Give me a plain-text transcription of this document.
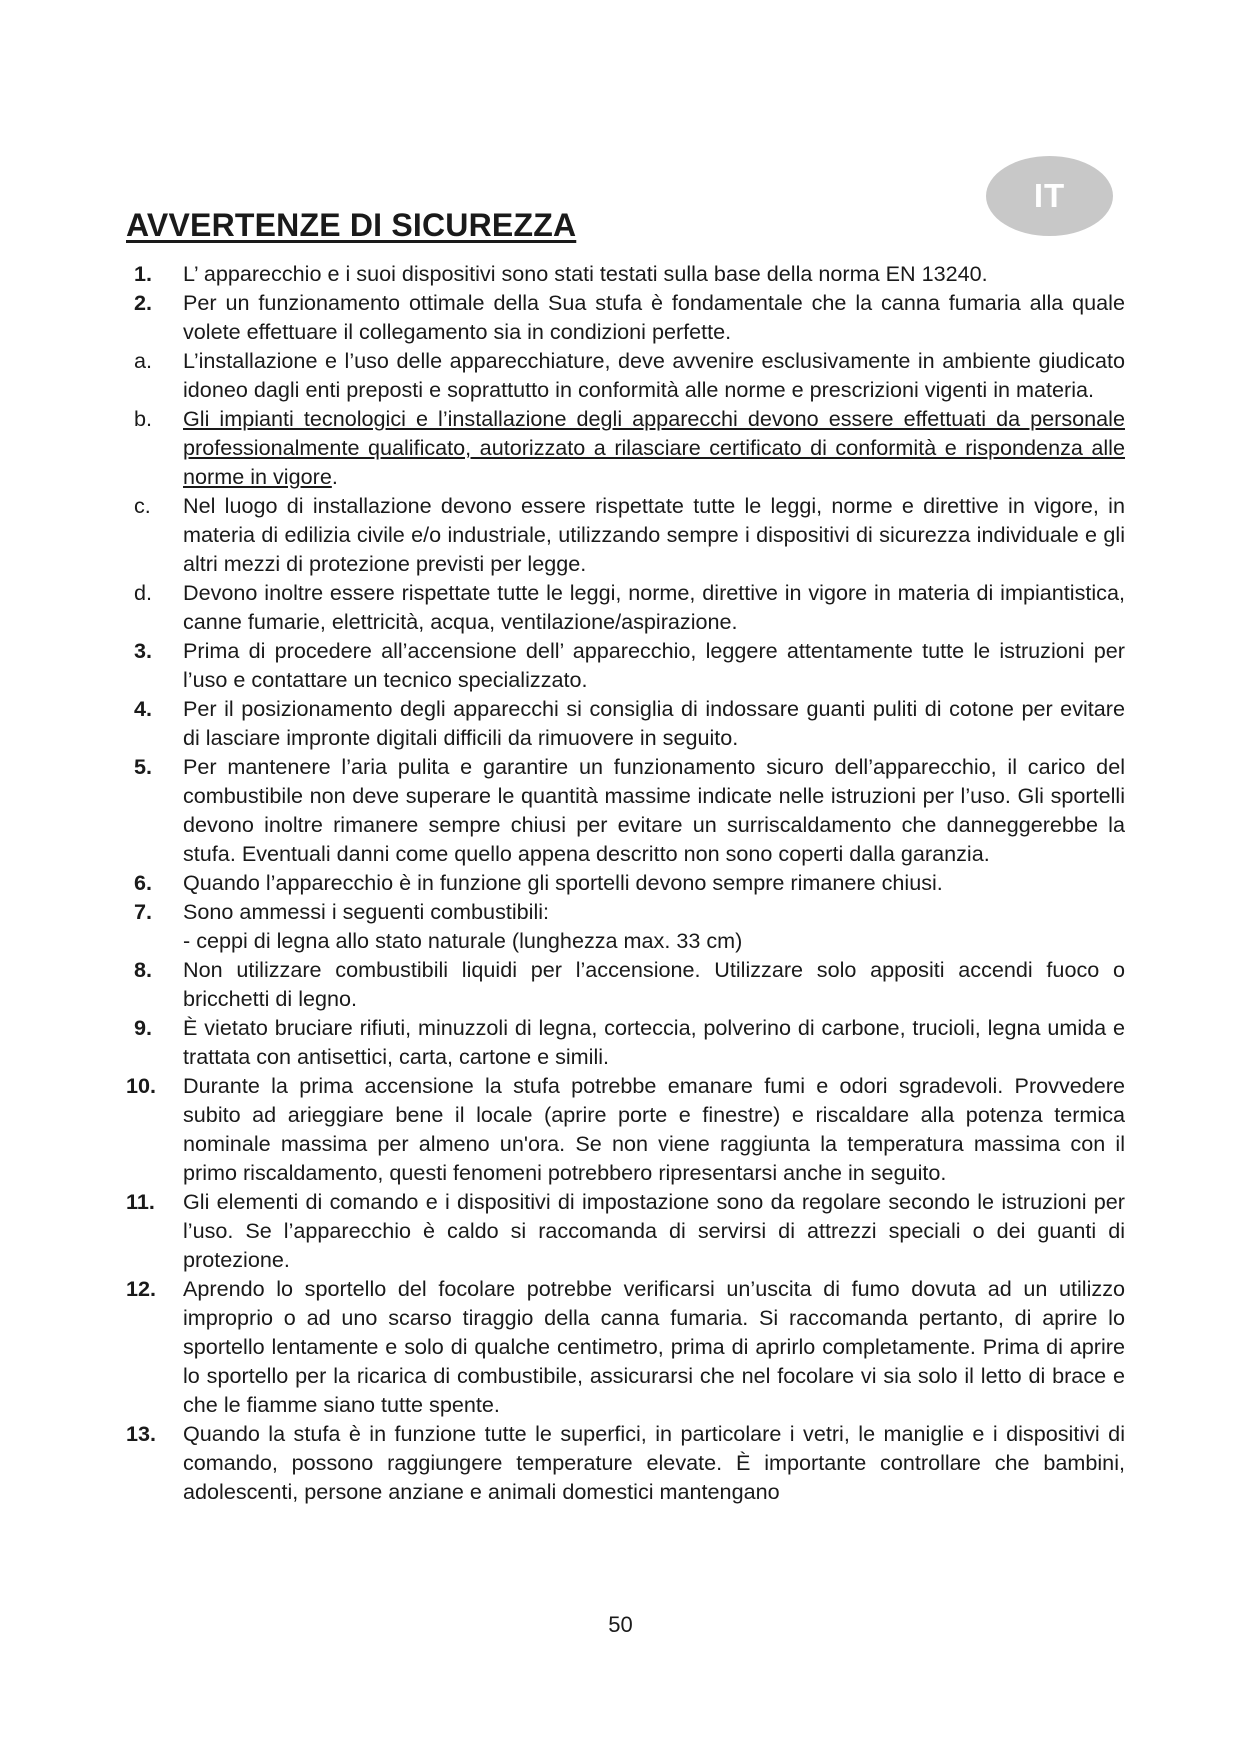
IT
AVVERTENZE DI SICUREZZA
1.	L’ apparecchio e i suoi dispositivi sono stati testati sulla base della norma EN 13240.
2.	Per un funzionamento ottimale della Sua stufa è fondamentale che la canna fumaria alla quale volete effettuare il collegamento sia in condizioni perfette.
a.	L’installazione e l’uso delle apparecchiature, deve avvenire esclusivamente in ambiente giudicato idoneo dagli enti preposti e soprattutto in conformità alle norme e prescrizioni vigenti in materia.
b.	Gli impianti tecnologici e l’installazione degli apparecchi devono essere effettuati da personale professionalmente qualificato, autorizzato a rilasciare certificato di conformità e rispondenza alle norme in vigore.
c.	Nel luogo di installazione devono essere rispettate tutte le leggi, norme e direttive in vigore, in materia di edilizia civile e/o industriale, utilizzando sempre i dispositivi di sicurezza individuale e gli altri mezzi di protezione previsti per legge.
d.	Devono inoltre essere rispettate tutte le leggi, norme, direttive in vigore in materia di impiantistica, canne fumarie, elettricità, acqua, ventilazione/aspirazione.
3.	Prima di procedere all’accensione dell’ apparecchio, leggere attentamente tutte le istruzioni per l’uso e contattare un tecnico specializzato.
4.	Per il posizionamento degli apparecchi si consiglia di indossare guanti puliti di cotone per evitare di lasciare impronte digitali difficili da rimuovere in seguito.
5.	Per mantenere l’aria pulita e garantire un funzionamento sicuro dell’apparecchio, il carico del combustibile non deve superare le quantità massime indicate nelle istruzioni per l’uso. Gli sportelli devono inoltre rimanere sempre chiusi per evitare un surriscaldamento che danneggerebbe la stufa. Eventuali danni come quello appena descritto non sono coperti dalla garanzia.
6.	Quando l’apparecchio è in funzione gli sportelli devono sempre rimanere chiusi.
7.	Sono ammessi i seguenti combustibili:
- ceppi di legna allo stato naturale (lunghezza max. 33 cm)
8.	Non utilizzare combustibili liquidi per l’accensione. Utilizzare solo appositi accendi fuoco o bricchetti di legno.
9.	È vietato bruciare rifiuti, minuzzoli di legna, corteccia, polverino di carbone, trucioli, legna umida e trattata con antisettici, carta, cartone e simili.
10.	Durante la prima accensione la stufa potrebbe emanare fumi e odori sgradevoli. Provvedere subito ad arieggiare bene il locale (aprire porte e finestre) e riscaldare alla potenza termica nominale massima per almeno un'ora. Se non viene raggiunta la temperatura massima con il primo riscaldamento, questi fenomeni potrebbero ripresentarsi anche in seguito.
11.	Gli elementi di comando e i dispositivi di impostazione sono da regolare secondo le istruzioni per l’uso. Se l’apparecchio è caldo si raccomanda di servirsi di attrezzi speciali o dei guanti di protezione.
12.	Aprendo lo sportello del focolare potrebbe verificarsi un’uscita di fumo dovuta ad un utilizzo improprio o ad uno scarso tiraggio della canna fumaria. Si raccomanda pertanto, di aprire lo sportello lentamente e solo di qualche centimetro, prima di aprirlo completamente. Prima di aprire lo sportello per la ricarica di combustibile, assicurarsi che nel focolare vi sia solo il letto di brace e che le fiamme siano tutte spente.
13.	Quando la stufa è in funzione tutte le superfici, in particolare i vetri, le maniglie e i dispositivi di comando, possono raggiungere temperature elevate. È importante controllare che bambini, adolescenti, persone anziane e animali domestici mantengano
50
